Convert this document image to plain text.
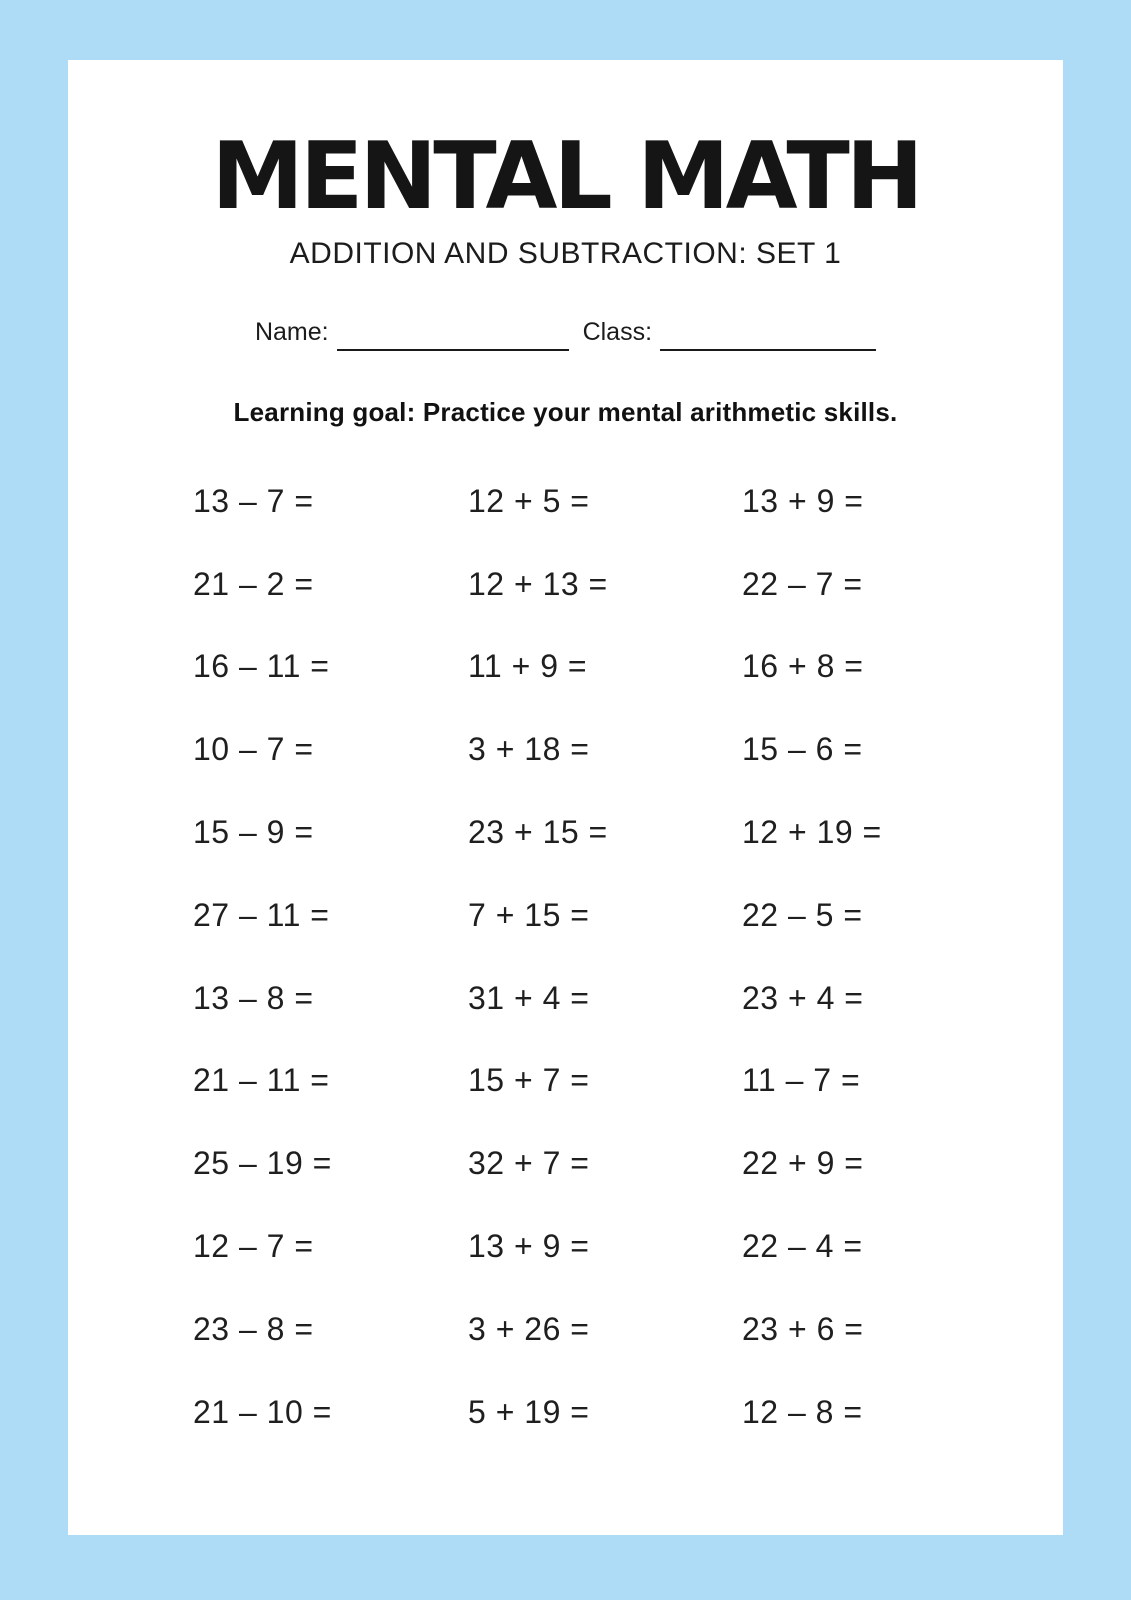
MENTAL MATH
ADDITION AND SUBTRACTION: SET 1
Name:	Class:
Learning goal: Practice your mental arithmetic skills.
13 – 7 =	12 + 5 =	13 + 9 =
21 – 2 =	12 + 13 =	22 – 7 =
16 – 11 =	11 + 9 =	16 + 8 =
10 – 7 =	3 + 18 =	15 – 6 =
15 – 9 =	23 + 15 =	12 + 19 =
27 – 11 =	7 + 15 =	22 – 5 =
13 – 8 =	31 + 4 =	23 + 4 =
21 – 11 =	15 + 7 =	11 – 7 =
25 – 19 =	32 + 7 =	22 + 9 =
12 – 7 =	13 + 9 =	22 – 4 =
23 – 8 =	3 + 26 =	23 + 6 =
21 – 10 =	5 + 19 =	12 – 8 =
